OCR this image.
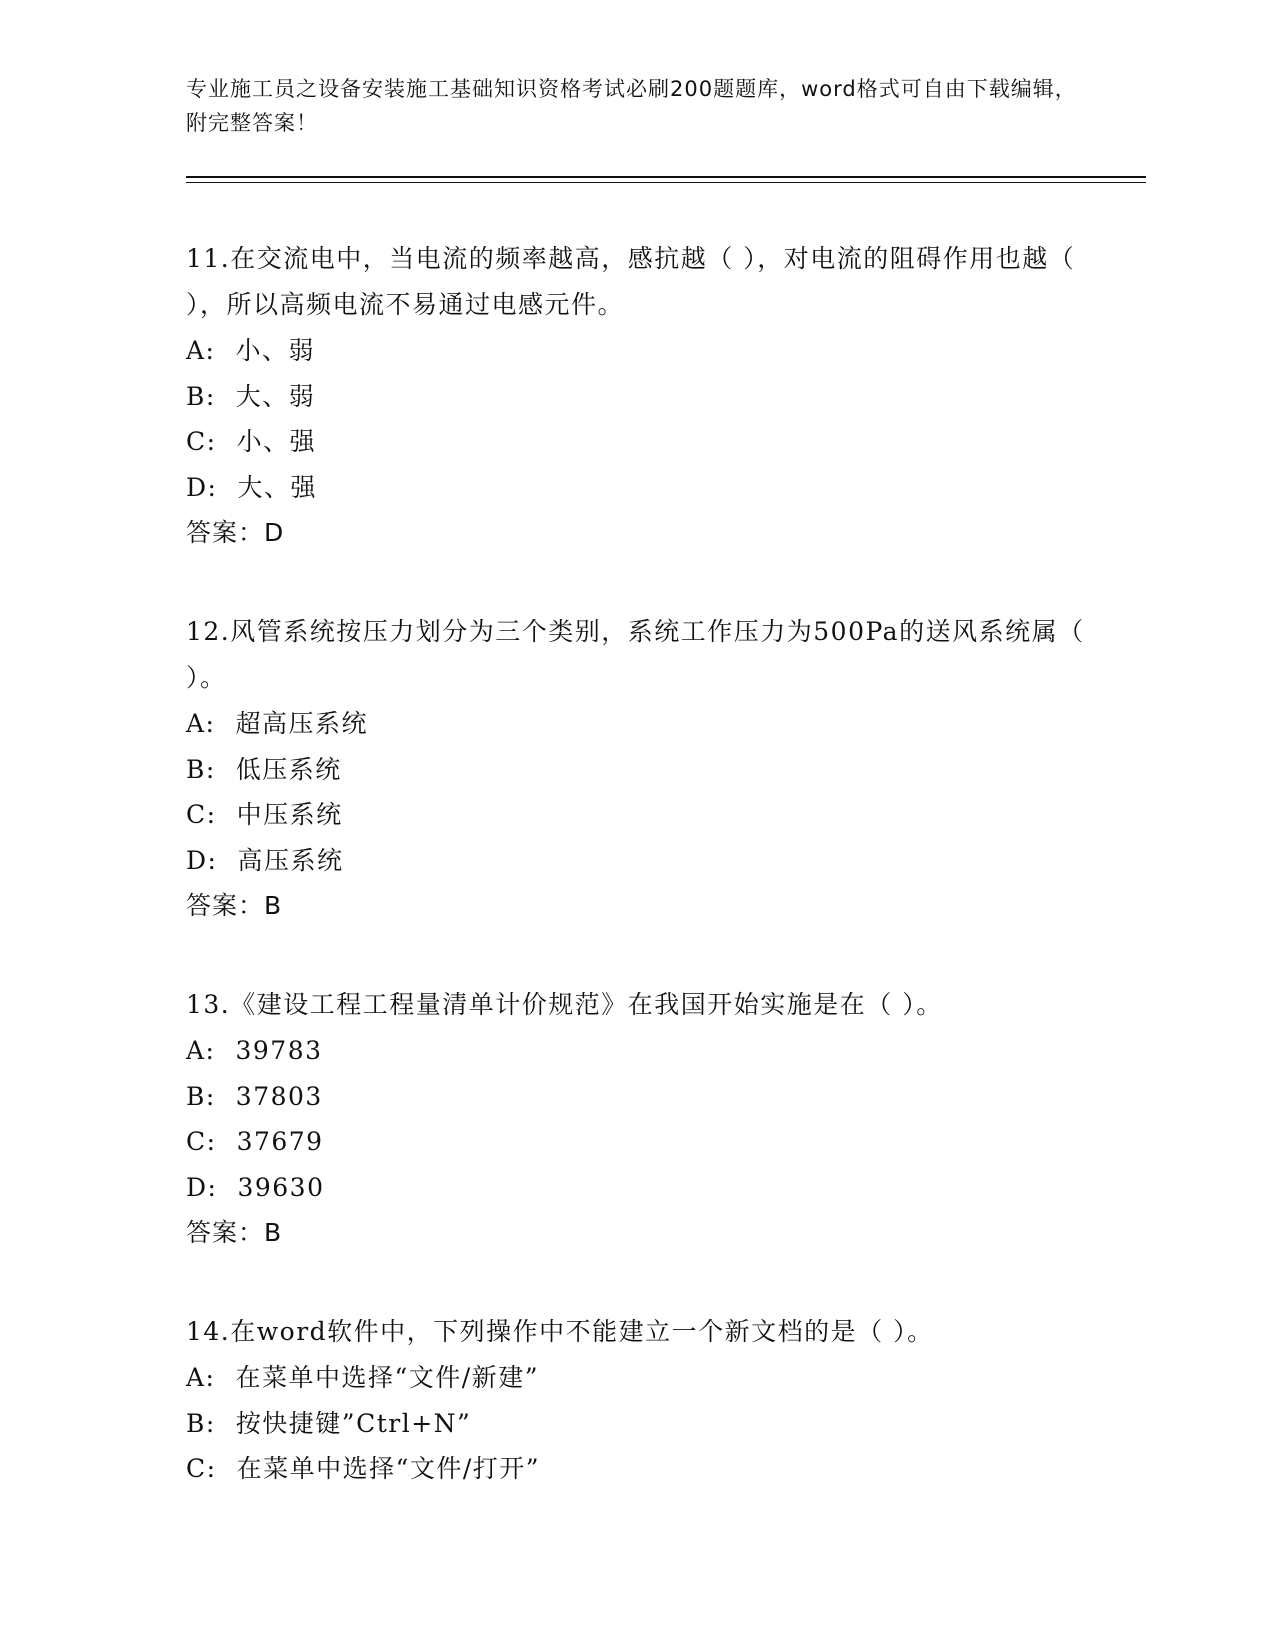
专业施工员之设备安装施工基础知识资格考试必刷200题题库，word格式可自由下载编辑，附完整答案！

11.在交流电中，当电流的频率越高，感抗越（ ），对电流的阻碍作用也越（ ），所以高频电流不易通过电感元件。

A: 小、弱

B: 大、弱

C: 小、强

D: 大、强

答案：D

12.风管系统按压力划分为三个类别，系统工作压力为500Pa的送风系统属（ ）。

A: 超高压系统

B: 低压系统

C: 中压系统

D: 高压系统

答案：B

13.《建设工程工程量清单计价规范》在我国开始实施是在（ ）。

A: 39783

B: 37803

C: 37679

D: 39630

答案：B

14.在word软件中，下列操作中不能建立一个新文档的是（ ）。

A: 在菜单中选择“文件/新建”

B: 按快捷键”Ctrl+N”

C: 在菜单中选择“文件/打开”
